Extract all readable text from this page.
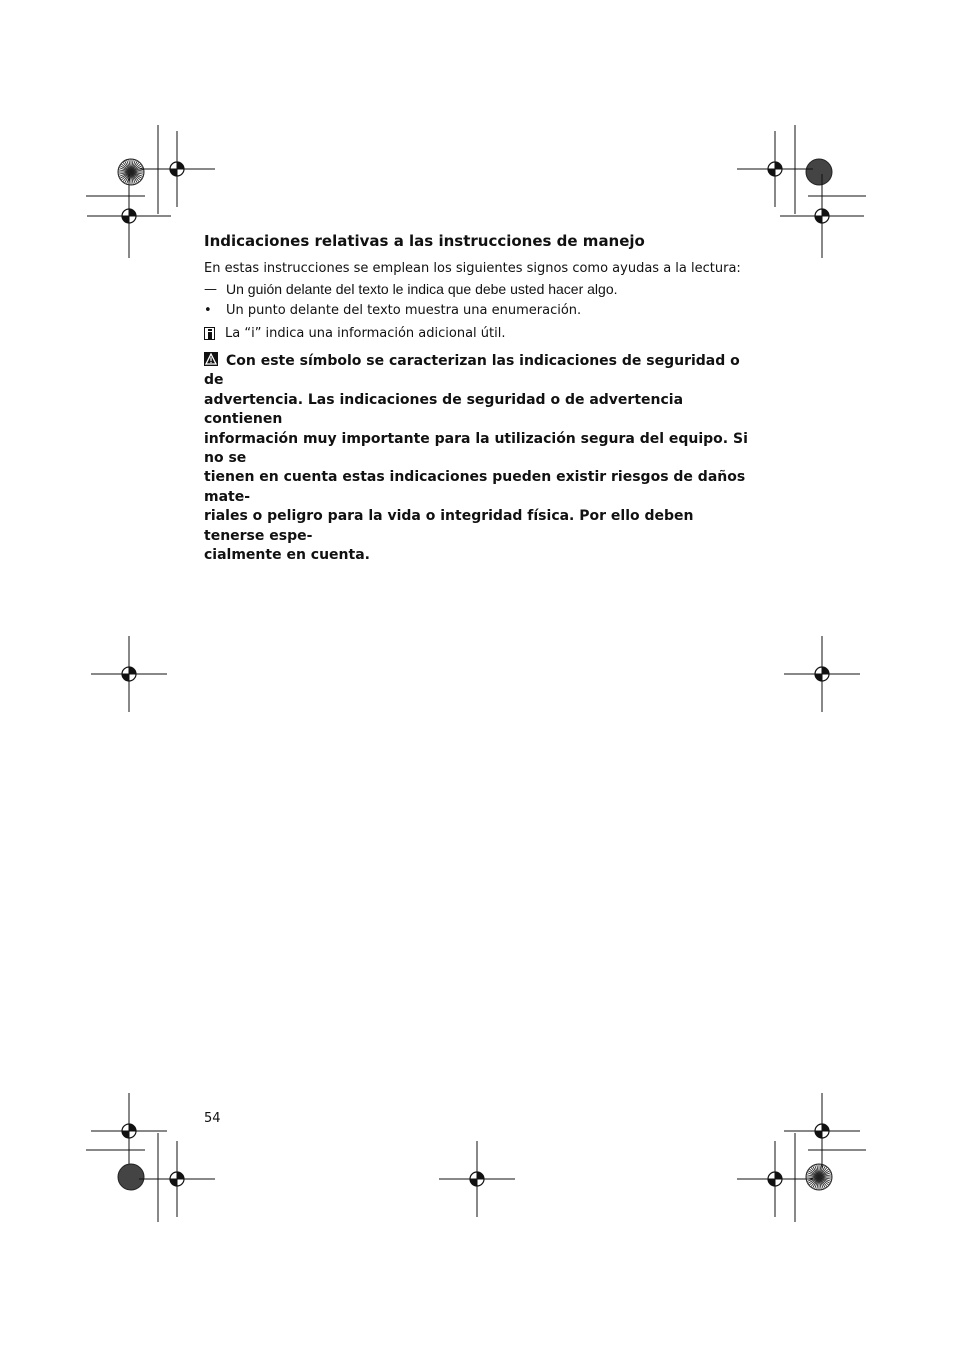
Indicaciones relativas a las instrucciones de manejo

En estas instrucciones se emplean los siguientes signos como ayudas a la lectura:

— Un guión delante del texto le indica que debe usted hacer algo.
•	Un punto delante del texto muestra una enumeración.
La “i” indica una información adicional útil.
Con este símbolo se caracterizan las indicaciones de seguridad o de
advertencia. Las indicaciones de seguridad o de advertencia contienen
información muy importante para la utilización segura del equipo. Si no se
tienen en cuenta estas indicaciones pueden existir riesgos de daños mate-
riales o peligro para la vida o integridad física. Por ello deben tenerse espe-
cialmente en cuenta.
54
